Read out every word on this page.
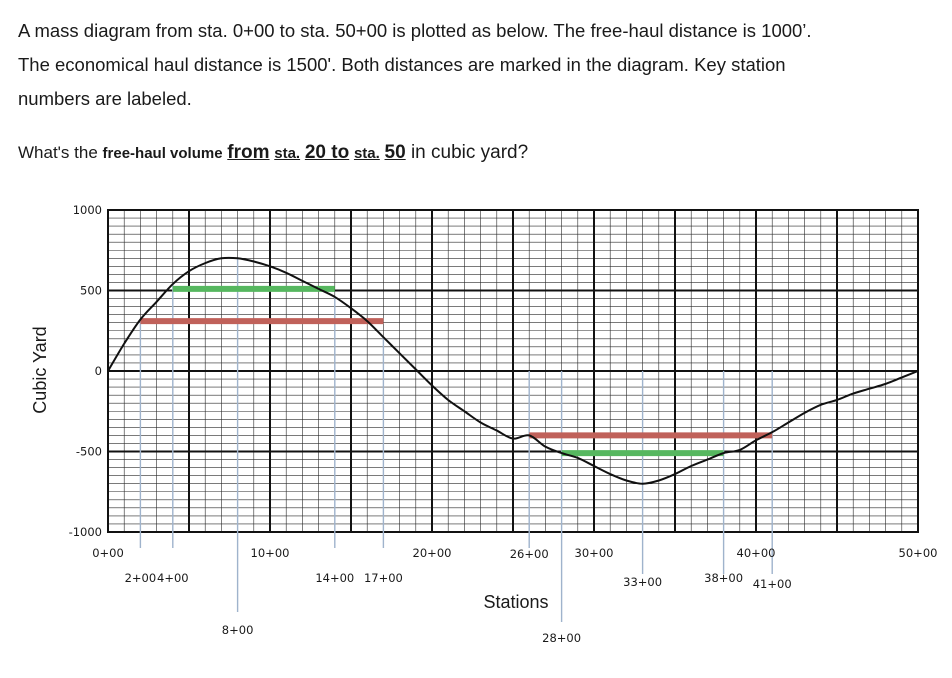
A mass diagram from sta. 0+00 to sta. 50+00 is plotted as below. The free-haul distance is 1000’.

The economical haul distance is 1500'. Both distances are marked in the diagram. Key station

numbers are labeled.

What's the free-haul volume from sta. 20 to sta. 50 in cubic yard?
1000
500
0
-500
-1000
0+00	10+00	20+00	30+00	40+00	50+00
2+00 4+00
8+00
14+00 17+00
26+00
28+00
33+00	38+00 41+00
Cubic Yard
Stations
